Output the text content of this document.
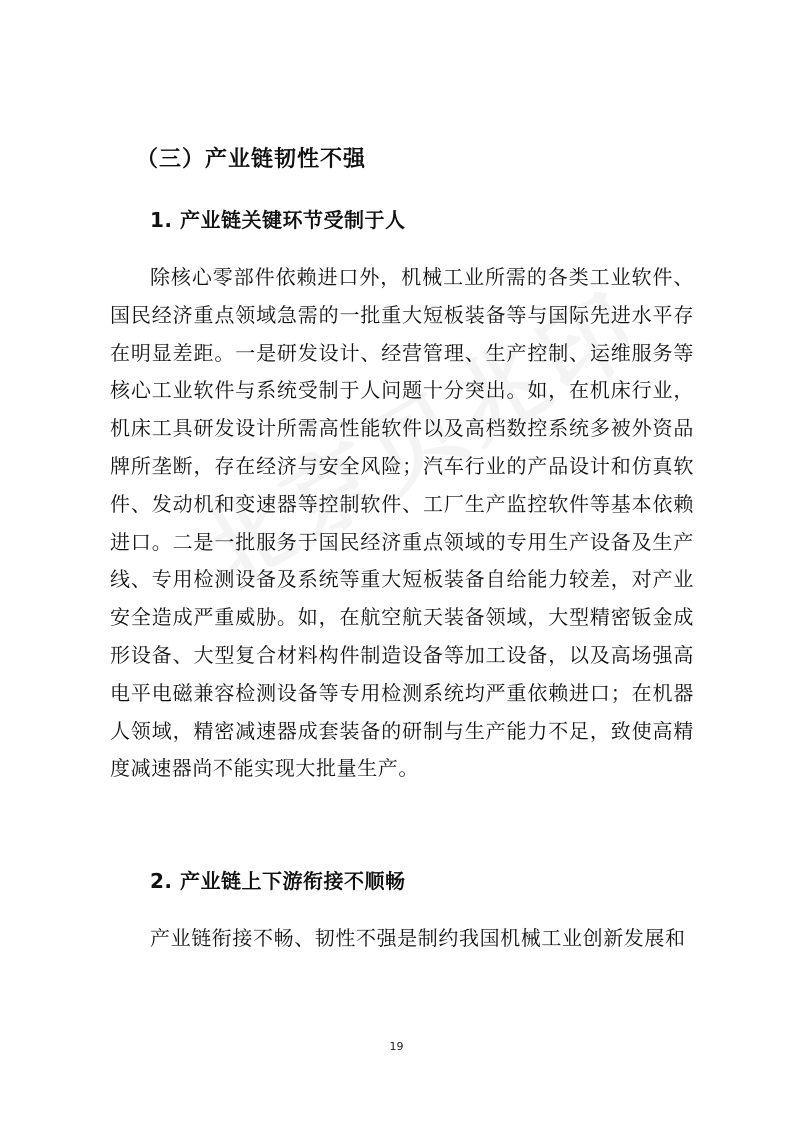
（三）产业链韧性不强
1. 产业链关键环节受制于人

除核心零部件依赖进口外，机械工业所需的各类工业软件、国民经济重点领域急需的一批重大短板装备等与国际先进水平存在明显差距。一是研发设计、经营管理、生产控制、运维服务等核心工业软件与系统受制于人问题十分突出。如，在机床行业，机床工具研发设计所需高性能软件以及高档数控系统多被外资品牌所垄断，存在经济与安全风险；汽车行业的产品设计和仿真软件、发动机和变速器等控制软件、工厂生产监控软件等基本依赖进口。二是一批服务于国民经济重点领域的专用生产设备及生产线、专用检测设备及系统等重大短板装备自给能力较差，对产业安全造成严重威胁。如，在航空航天装备领域，大型精密钣金成形设备、大型复合材料构件制造设备等加工设备，以及高场强高电平电磁兼容检测设备等专用检测系统均严重依赖进口；在机器人领域，精密减速器成套装备的研制与生产能力不足，致使高精度减速器尚不能实现大批量生产。

2. 产业链上下游衔接不顺畅

产业链衔接不畅、韧性不强是制约我国机械工业创新发展和

19
